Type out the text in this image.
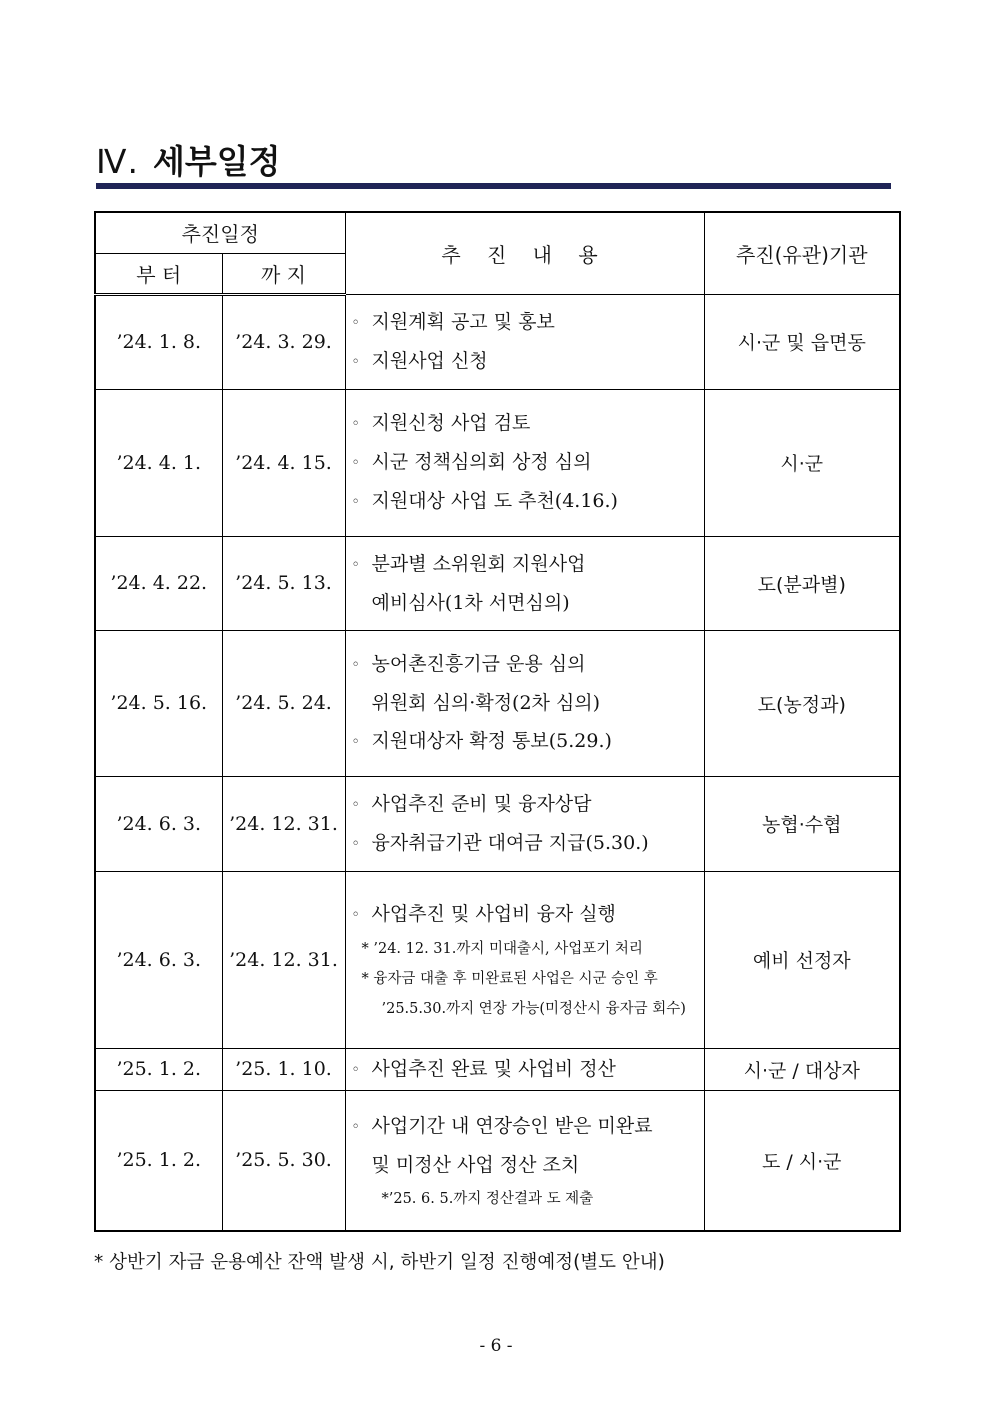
Ⅳ. 세부일정
추진일정		추 진 내 용	추진(유관)기관
부 터	까 지		
’24. 1. 8.	’24. 3. 29.	◦ 지원계획 공고 및 홍보
◦ 지원사업 신청	시·군 및 읍면동
’24. 4. 1.	’24. 4. 15.	◦ 지원신청 사업 검토
◦ 시군 정책심의회 상정 심의
◦ 지원대상 사업 도 추천(4.16.)	시·군
’24. 4. 22.	’24. 5. 13.	◦ 분과별 소위원회 지원사업
예비심사(1차 서면심의)	도(분과별)
’24. 5. 16.	’24. 5. 24.	◦ 농어촌진흥기금 운용 심의
위원회 심의·확정(2차 심의)
◦ 지원대상자 확정 통보(5.29.)	도(농정과)
’24. 6. 3.	’24. 12. 31.	◦ 사업추진 준비 및 융자상담
◦ 융자취급기관 대여금 지급(5.30.)	농협·수협
’24. 6. 3.	’24. 12. 31.	◦ 사업추진 및 사업비 융자 실행
* ’24. 12. 31.까지 미대출시, 사업포기 처리
* 융자금 대출 후 미완료된 사업은 시군 승인 후
’25.5.30.까지 연장 가능(미정산시 융자금 회수)	예비 선정자
’25. 1. 2.	’25. 1. 10.	◦ 사업추진 완료 및 사업비 정산	시·군 / 대상자
’25. 1. 2.	’25. 5. 30.	◦ 사업기간 내 연장승인 받은 미완료
및 미정산 사업 정산 조치
*’25. 6. 5.까지 정산결과 도 제출	도 / 시·군
* 상반기 자금 운용예산 잔액 발생 시, 하반기 일정 진행예정(별도 안내)
- 6 -
